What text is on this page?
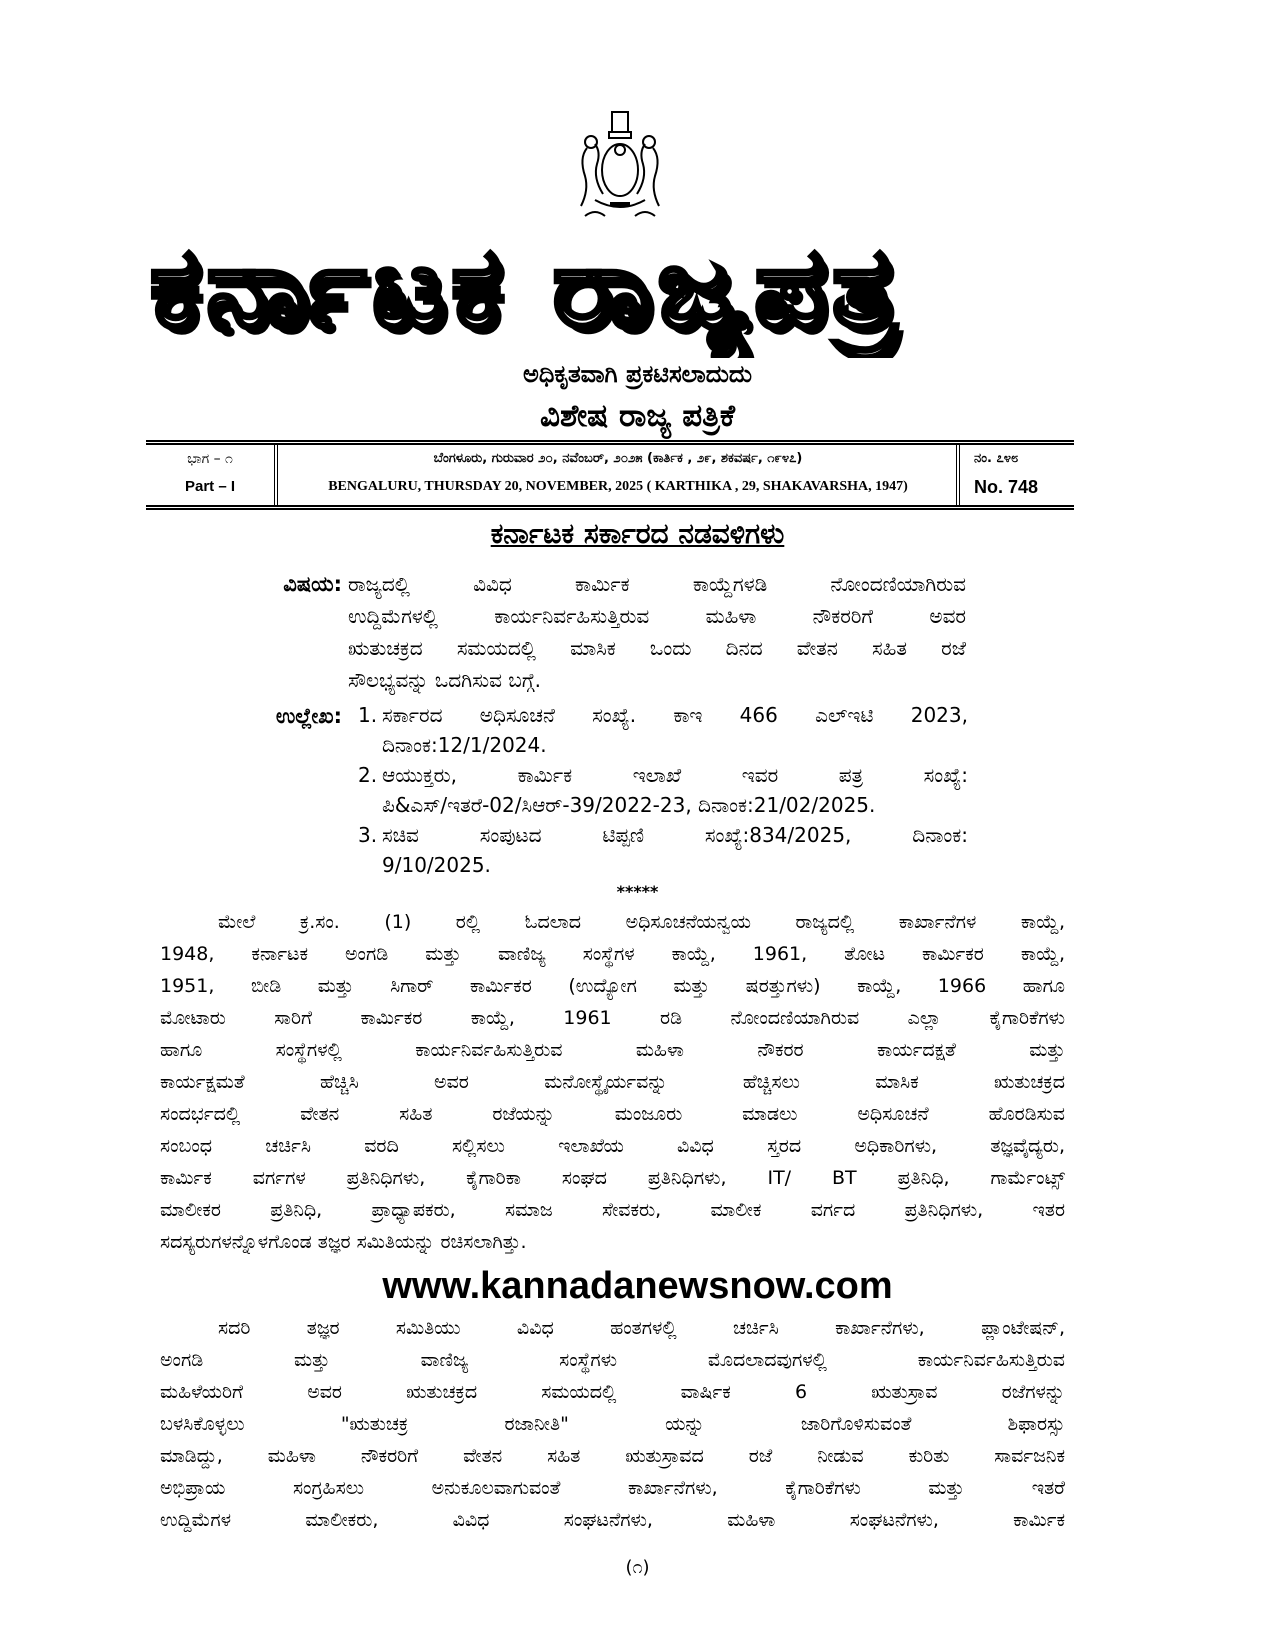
ಕರ್ನಾಟಕ ರಾಜ್ಯಪತ್ರ
ಅಧಿಕೃತವಾಗಿ ಪ್ರಕಟಿಸಲಾದುದು
ವಿಶೇಷ ರಾಜ್ಯ ಪತ್ರಿಕೆ
ಭಾಗ – ೧
Part – I
ಬೆಂಗಳೂರು, ಗುರುವಾರ ೨೦, ನವೆಂಬರ್, ೨೦೨೫ (ಕಾರ್ತಿಕ , ೨೯, ಶಕವರ್ಷ, ೧೯೪೭)
BENGALURU, THURSDAY 20, NOVEMBER, 2025 ( KARTHIKA , 29, SHAKAVARSHA, 1947)
ನಂ. ೭೪೮
No. 748
ಕರ್ನಾಟಕ ಸರ್ಕಾರದ ನಡವಳಿಗಳು
ವಿಷಯ: ರಾಜ್ಯದಲ್ಲಿ ವಿವಿಧ ಕಾರ್ಮಿಕ ಕಾಯ್ದೆಗಳಡಿ ನೋಂದಣಿಯಾಗಿರುವ
ಉದ್ದಿಮೆಗಳಲ್ಲಿ ಕಾರ್ಯನಿರ್ವಹಿಸುತ್ತಿರುವ ಮಹಿಳಾ ನೌಕರರಿಗೆ ಅವರ
ಋತುಚಕ್ರದ ಸಮಯದಲ್ಲಿ ಮಾಸಿಕ ಒಂದು ದಿನದ ವೇತನ ಸಹಿತ ರಜೆ
ಸೌಲಭ್ಯವನ್ನು ಒದಗಿಸುವ ಬಗ್ಗೆ.
ಉಲ್ಲೇಖ: 1. ಸರ್ಕಾರದ ಅಧಿಸೂಚನೆ ಸಂಖ್ಯೆ. ಕಾಇ 466 ಎಲ್ಇಟಿ 2023,
ದಿನಾಂಕ:12/1/2024.
2. ಆಯುಕ್ತರು, ಕಾರ್ಮಿಕ ಇಲಾಖೆ ಇವರ ಪತ್ರ ಸಂಖ್ಯೆ:
ಪಿ&ಎಸ್/ಇತರೆ-02/ಸಿಆರ್-39/2022-23, ದಿನಾಂಕ:21/02/2025.
3. ಸಚಿವ ಸಂಪುಟದ ಟಿಪ್ಪಣಿ ಸಂಖ್ಯೆ:834/2025, ದಿನಾಂಕ:
9/10/2025.
*****
ಮೇಲೆ ಕ್ರ.ಸಂ. (1) ರಲ್ಲಿ ಓದಲಾದ ಅಧಿಸೂಚನೆಯನ್ವಯ ರಾಜ್ಯದಲ್ಲಿ ಕಾರ್ಖಾನೆಗಳ ಕಾಯ್ದೆ,
1948, ಕರ್ನಾಟಕ ಅಂಗಡಿ ಮತ್ತು ವಾಣಿಜ್ಯ ಸಂಸ್ಥೆಗಳ ಕಾಯ್ದೆ, 1961, ತೋಟ ಕಾರ್ಮಿಕರ ಕಾಯ್ದೆ,
1951, ಬೀಡಿ ಮತ್ತು ಸಿಗಾರ್ ಕಾರ್ಮಿಕರ (ಉದ್ಯೋಗ ಮತ್ತು ಷರತ್ತುಗಳು) ಕಾಯ್ದೆ, 1966 ಹಾಗೂ
ಮೋಟಾರು ಸಾರಿಗೆ ಕಾರ್ಮಿಕರ ಕಾಯ್ದೆ, 1961 ರಡಿ ನೋಂದಣಿಯಾಗಿರುವ ಎಲ್ಲಾ ಕೈಗಾರಿಕೆಗಳು
ಹಾಗೂ ಸಂಸ್ಥೆಗಳಲ್ಲಿ ಕಾರ್ಯನಿರ್ವಹಿಸುತ್ತಿರುವ ಮಹಿಳಾ ನೌಕರರ ಕಾರ್ಯದಕ್ಷತೆ ಮತ್ತು
ಕಾರ್ಯಕ್ಷಮತೆ ಹೆಚ್ಚಿಸಿ ಅವರ ಮನೋಸ್ಥೈರ್ಯವನ್ನು ಹೆಚ್ಚಿಸಲು ಮಾಸಿಕ ಋತುಚಕ್ರದ
ಸಂದರ್ಭದಲ್ಲಿ ವೇತನ ಸಹಿತ ರಜೆಯನ್ನು ಮಂಜೂರು ಮಾಡಲು ಅಧಿಸೂಚನೆ ಹೊರಡಿಸುವ
ಸಂಬಂಧ ಚರ್ಚಿಸಿ ವರದಿ ಸಲ್ಲಿಸಲು ಇಲಾಖೆಯ ವಿವಿಧ ಸ್ತರದ ಅಧಿಕಾರಿಗಳು, ತಜ್ಞವೈದ್ಯರು,
ಕಾರ್ಮಿಕ ವರ್ಗಗಳ ಪ್ರತಿನಿಧಿಗಳು, ಕೈಗಾರಿಕಾ ಸಂಘದ ಪ್ರತಿನಿಧಿಗಳು, IT/ BT ಪ್ರತಿನಿಧಿ, ಗಾರ್ಮೆಂಟ್ಸ್
ಮಾಲೀಕರ ಪ್ರತಿನಿಧಿ, ಪ್ರಾಧ್ಯಾಪಕರು, ಸಮಾಜ ಸೇವಕರು, ಮಾಲೀಕ ವರ್ಗದ ಪ್ರತಿನಿಧಿಗಳು, ಇತರ
ಸದಸ್ಯರುಗಳನ್ನೊಳಗೊಂಡ ತಜ್ಞರ ಸಮಿತಿಯನ್ನು ರಚಿಸಲಾಗಿತ್ತು.
www.kannadanewsnow.com
ಸದರಿ ತಜ್ಞರ ಸಮಿತಿಯು ವಿವಿಧ ಹಂತಗಳಲ್ಲಿ ಚರ್ಚಿಸಿ ಕಾರ್ಖಾನೆಗಳು, ಪ್ಲಾಂಟೇಷನ್,
ಅಂಗಡಿ ಮತ್ತು ವಾಣಿಜ್ಯ ಸಂಸ್ಥೆಗಳು ಮೊದಲಾದವುಗಳಲ್ಲಿ ಕಾರ್ಯನಿರ್ವಹಿಸುತ್ತಿರುವ
ಮಹಿಳೆಯರಿಗೆ ಅವರ ಋತುಚಕ್ರದ ಸಮಯದಲ್ಲಿ ವಾರ್ಷಿಕ 6 ಋತುಸ್ರಾವ ರಜೆಗಳನ್ನು
ಬಳಸಿಕೊಳ್ಳಲು "ಋತುಚಕ್ರ ರಜಾನೀತಿ" ಯನ್ನು ಜಾರಿಗೊಳಿಸುವಂತೆ ಶಿಫಾರಸ್ಸು
ಮಾಡಿದ್ದು, ಮಹಿಳಾ ನೌಕರರಿಗೆ ವೇತನ ಸಹಿತ ಋತುಸ್ರಾವದ ರಜೆ ನೀಡುವ ಕುರಿತು ಸಾರ್ವಜನಿಕ
ಅಭಿಪ್ರಾಯ ಸಂಗ್ರಹಿಸಲು ಅನುಕೂಲವಾಗುವಂತೆ ಕಾರ್ಖಾನೆಗಳು, ಕೈಗಾರಿಕೆಗಳು ಮತ್ತು ಇತರೆ
ಉದ್ದಿಮೆಗಳ ಮಾಲೀಕರು, ವಿವಿಧ ಸಂಘಟನೆಗಳು, ಮಹಿಳಾ ಸಂಘಟನೆಗಳು, ಕಾರ್ಮಿಕ
(೧)
